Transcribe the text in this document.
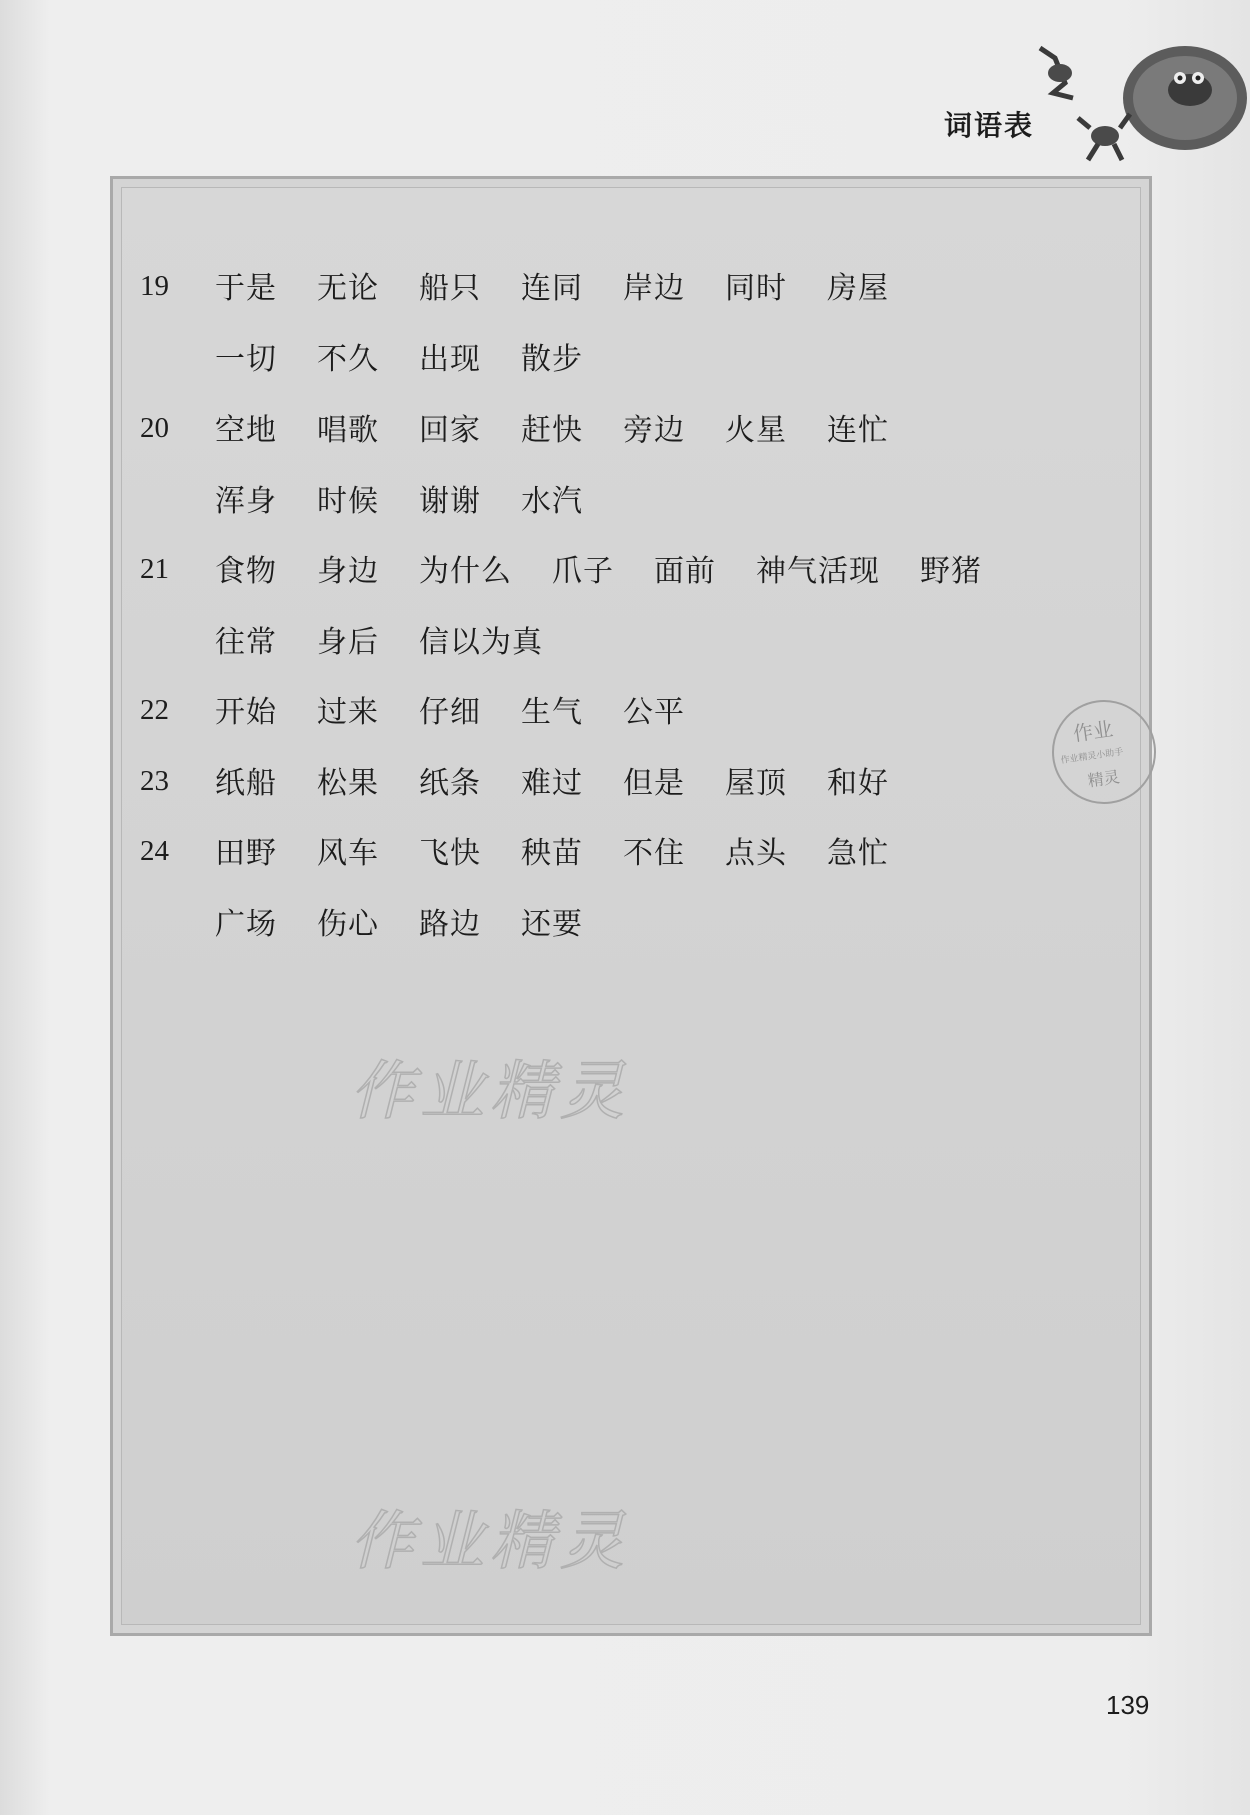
词语表
19	于是 无论 船只 连同 岸边 同时 房屋
一切 不久 出现 散步
20	空地 唱歌 回家 赶快 旁边 火星 连忙
浑身 时候 谢谢 水汽
21	食物 身边 为什么 爪子 面前 神气活现 野猪
往常 身后 信以为真
22	开始 过来 仔细 生气 公平
23	纸船 松果 纸条 难过 但是 屋顶 和好
24	田野 风车 飞快 秧苗 不住 点头 急忙
广场 伤心 路边 还要
作业精灵
作业精灵
作业
作业精灵小助手
精灵
139
